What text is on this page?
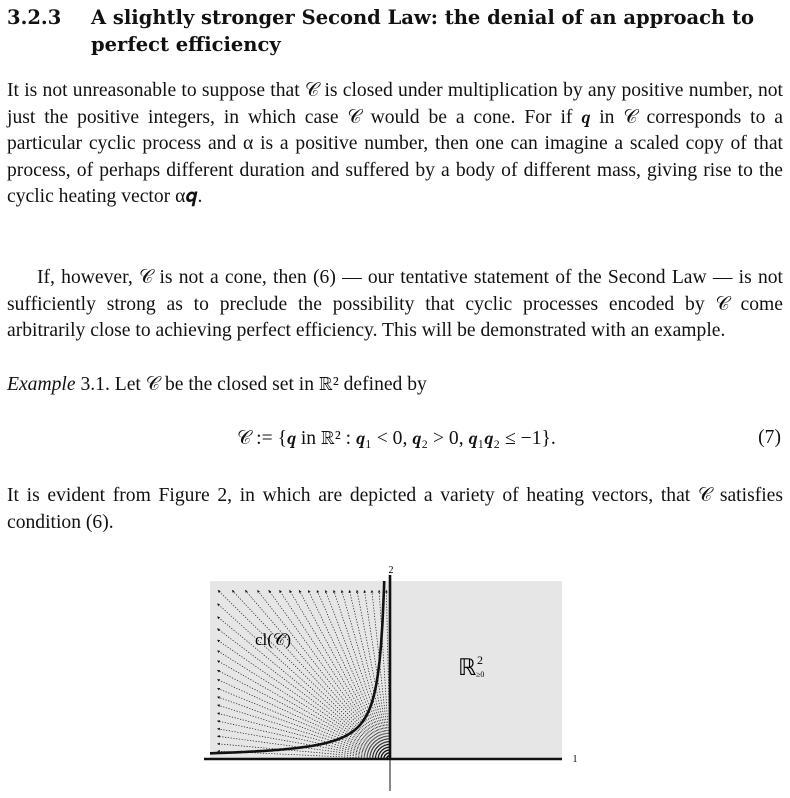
3.2.3 A slightly stronger Second Law: the denial of an approach to perfect efficiency
It is not unreasonable to suppose that 𝒞 is closed under multiplication by any positive number, not just the positive integers, in which case 𝒞 would be a cone. For if 𝒒 in 𝒞 corresponds to a particular cyclic process and α is a positive number, then one can imagine a scaled copy of that process, of perhaps different duration and suffered by a body of different mass, giving rise to the cyclic heating vector α𝒒.
If, however, 𝒞 is not a cone, then (6) — our tentative statement of the Second Law — is not sufficiently strong as to preclude the possibility that cyclic processes encoded by 𝒞 come arbitrarily close to achieving perfect efficiency. This will be demonstrated with an example.
Example 3.1. Let 𝒞 be the closed set in ℝ² defined by
𝒞 := {𝒒 in ℝ² : 𝒒₁ < 0, 𝒒₂ > 0, 𝒒₁𝒒₂ ≤ −1}.	(7)
It is evident from Figure 2, in which are depicted a variety of heating vectors, that 𝒞 satisfies condition (6).
2
1
cl(𝒞)
ℝ 2
≥0
